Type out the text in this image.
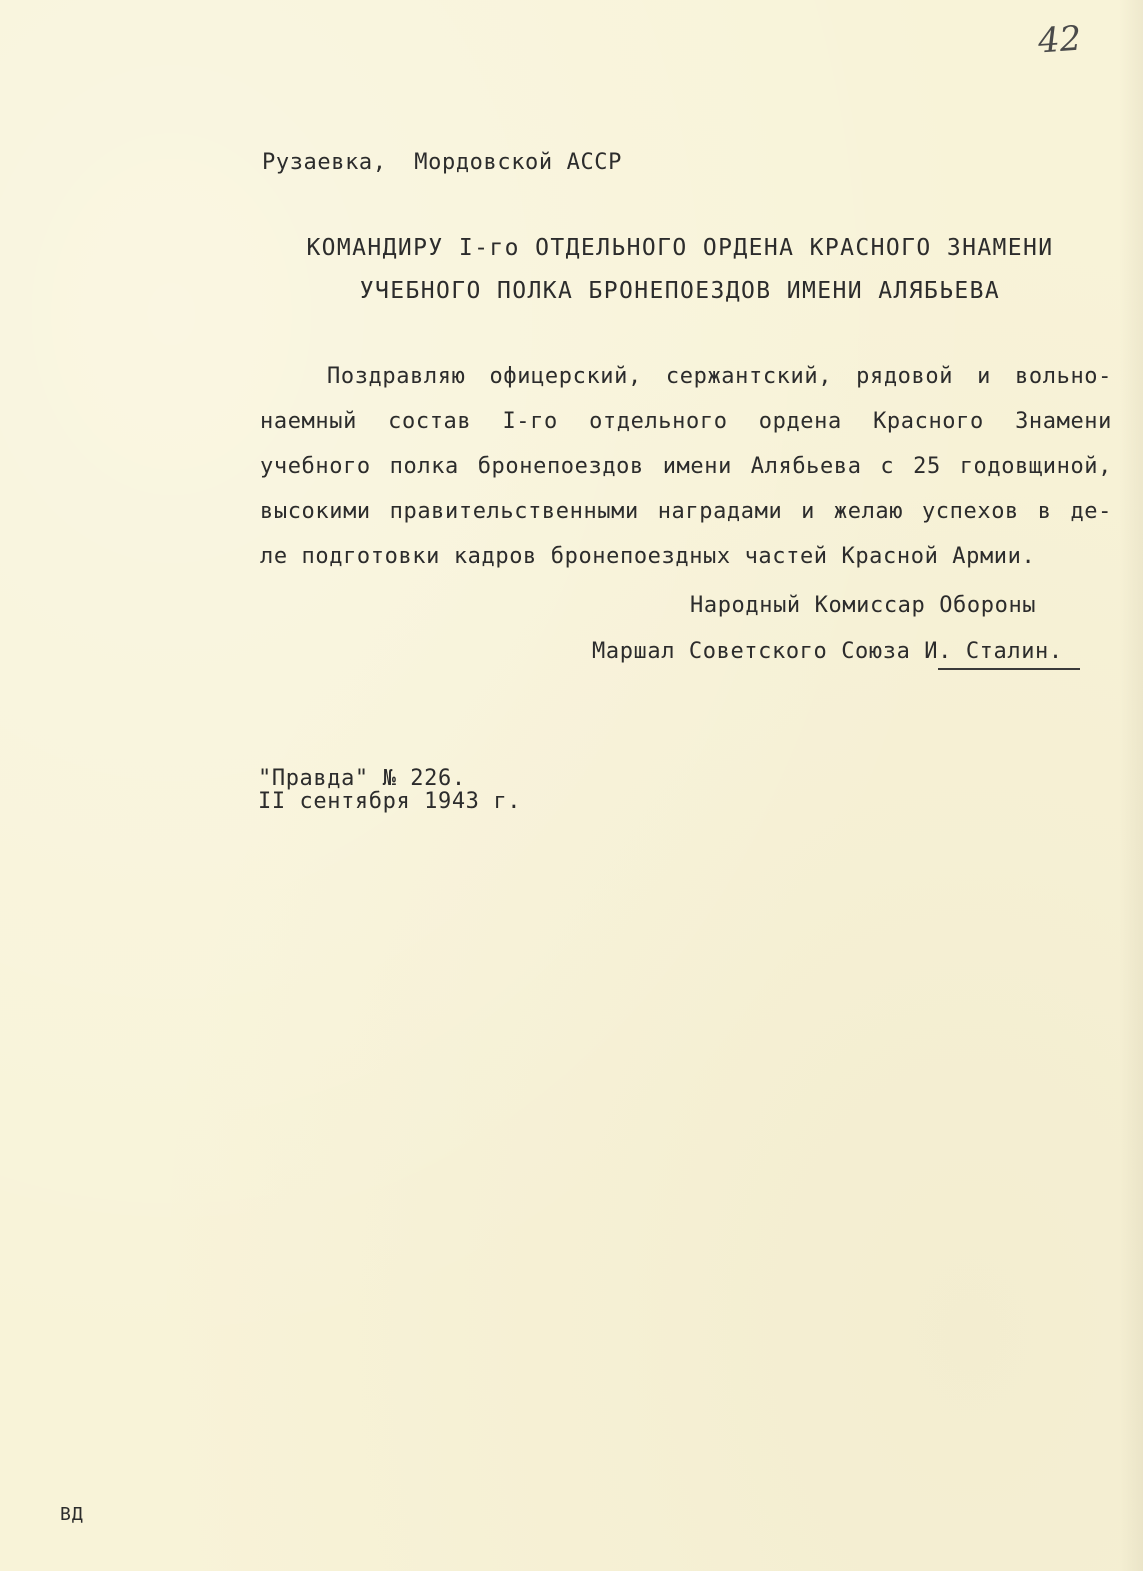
42
Рузаевка,  Мордовской АССР
КОМАНДИРУ I-го ОТДЕЛЬНОГО ОРДЕНА КРАСНОГО ЗНАМЕНИ
УЧЕБНОГО ПОЛКА БРОНЕПОЕЗДОВ ИМЕНИ АЛЯБЬЕВА
Поздравляю офицерский, сержантский, рядовой и вольно-
наемный состав I-го отдельного ордена Красного Знамени
учебного полка бронепоездов имени Алябьева с 25 годовщиной,
высокими правительственными наградами и желаю успехов в де-
ле подготовки кадров бронепоездных частей Красной Армии.
Народный Комиссар Обороны
Маршал Советского Союза И. Сталин.
"Правда" № 226.
II сентября 1943 г.
ВД
